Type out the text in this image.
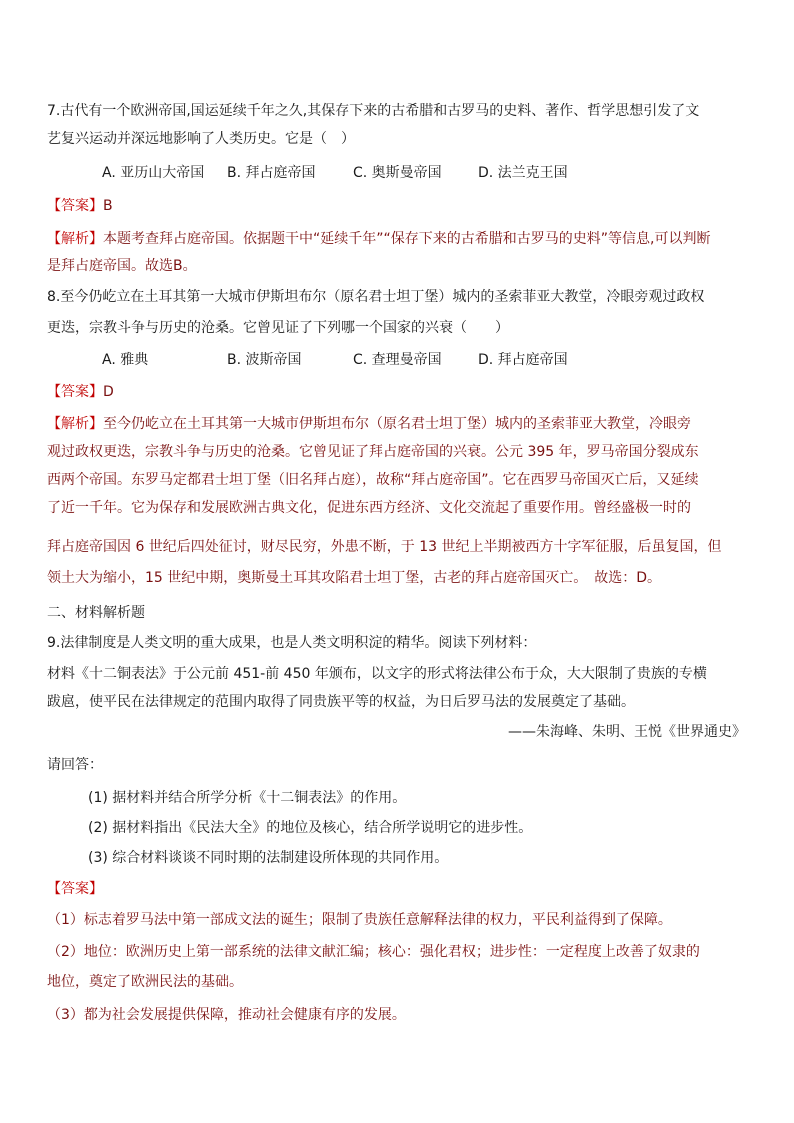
7.古代有一个欧洲帝国,国运延续千年之久,其保存下来的古希腊和古罗马的史料、著作、哲学思想引发了文
艺复兴运动并深远地影响了人类历史。它是（　）
A. 亚历山大帝国 B. 拜占庭帝国	C. 奥斯曼帝国	D. 法兰克王国
【答案】B
【解析】本题考查拜占庭帝国。依据题干中“延续千年”“保存下来的古希腊和古罗马的史料”等信息,可以判断
是拜占庭帝国。故选B。
8.至今仍屹立在土耳其第一大城市伊斯坦布尔（原名君士坦丁堡）城内的圣索菲亚大教堂，冷眼旁观过政权
更迭，宗教斗争与历史的沧桑。它曾见证了下列哪一个国家的兴衰（　　）
A. 雅典	B. 波斯帝国	C. 查理曼帝国	D. 拜占庭帝国
【答案】D
【解析】至今仍屹立在土耳其第一大城市伊斯坦布尔（原名君士坦丁堡）城内的圣索菲亚大教堂，冷眼旁
观过政权更迭，宗教斗争与历史的沧桑。它曾见证了拜占庭帝国的兴衰。公元 395 年，罗马帝国分裂成东
西两个帝国。东罗马定都君士坦丁堡（旧名拜占庭），故称“拜占庭帝国”。它在西罗马帝国灭亡后，又延续
了近一千年。它为保存和发展欧洲古典文化，促进东西方经济、文化交流起了重要作用。曾经盛极一时的
拜占庭帝国因 6 世纪后四处征讨，财尽民穷，外患不断，于 13 世纪上半期被西方十字军征服，后虽复国，但
领土大为缩小，15 世纪中期，奥斯曼土耳其攻陷君士坦丁堡，古老的拜占庭帝国灭亡。　故选：D。
二、材料解析题
9.法律制度是人类文明的重大成果，也是人类文明积淀的精华。阅读下列材料：
材料《十二铜表法》于公元前 451-前 450 年颁布，以文字的形式将法律公布于众，大大限制了贵族的专横
跋扈，使平民在法律规定的范围内取得了同贵族平等的权益，为日后罗马法的发展奠定了基础。
——朱海峰、朱明、王悦《世界通史》
请回答：
(1) 据材料并结合所学分析《十二铜表法》的作用。
(2) 据材料指出《民法大全》的地位及核心，结合所学说明它的进步性。
(3) 综合材料谈谈不同时期的法制建设所体现的共同作用。
【答案】
（1）标志着罗马法中第一部成文法的诞生；限制了贵族任意解释法律的权力，平民利益得到了保障。
（2）地位：欧洲历史上第一部系统的法律文献汇编；核心：强化君权；进步性：一定程度上改善了奴隶的
地位，奠定了欧洲民法的基础。
（3）都为社会发展提供保障，推动社会健康有序的发展。
